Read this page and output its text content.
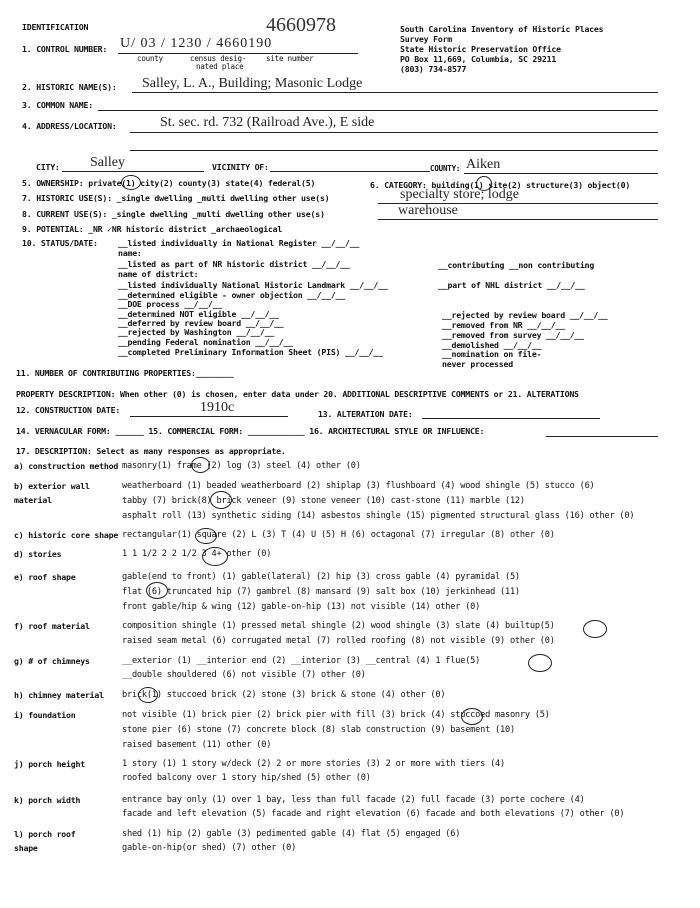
4660978
IDENTIFICATION	South Carolina Inventory of Historic Places
Survey Form
State Historic Preservation Office
PO Box 11,669, Columbia, SC 29211
(803) 734-8577
1. CONTROL NUMBER: U/ 03 / 1230 / 4660190
county	census desig-	site number
nated place
2. HISTORIC NAME(S): Salley, L. A., Building; Masonic Lodge
3. COMMON NAME:
4. ADDRESS/LOCATION:	St. sec. rd. 732 (Railroad Ave.), E side
CITY: Salley	VICINITY OF:	COUNTY: Aiken
5. OWNERSHIP: private(1) city(2) county(3) state(4) federal(5)	6. CATEGORY: building(1) site(2) structure(3) object(0)
7. HISTORIC USE(S): _single dwelling _multi dwelling other use(s)	specialty store; lodge
8. CURRENT USE(S): _single dwelling _multi dwelling other use(s)	warehouse
9. POTENTIAL: _NR ✓NR historic district _archaeological
10. STATUS/DATE: __listed individually in National Register __/__/__
name:
__listed as part of NR historic district __/__/__
name of district:
__listed individually National Historic Landmark __/__/__
__determined eligible - owner objection __/__/__
__DOE process __/__/__
__determined NOT eligible __/__/__
__deferred by review board __/__/__
__rejected by Washington __/__/__
__pending Federal nomination __/__/__
__completed Preliminary Information Sheet (PIS) __/__/__
__contributing __non contributing
__part of NHL district __/__/__
__rejected by review board __/__/__
__removed from NR __/__/__
__removed from survey __/__/__
__demolished __/__/__
__nomination on file-
never processed
11. NUMBER OF CONTRIBUTING PROPERTIES:________
PROPERTY DESCRIPTION: When other (0) is chosen, enter data under 20. ADDITIONAL DESCRIPTIVE COMMENTS or 21. ALTERATIONS
12. CONSTRUCTION DATE:	1910c	13. ALTERATION DATE:
14. VERNACULAR FORM: ______ 15. COMMERCIAL FORM: ____________ 16. ARCHITECTURAL STYLE OR INFLUENCE:
17. DESCRIPTION: Select as many responses as appropriate.
a) construction method masonry(1) frame (2) log (3) steel (4) other (0)
b) exterior wall
material
weatherboard (1) beaded weatherboard (2) shiplap (3) flushboard (4) wood shingle (5) stucco (6)
tabby (7) brick(8) brick veneer (9) stone veneer (10) cast-stone (11) marble (12)
asphalt roll (13) synthetic siding (14) asbestos shingle (15) pigmented structural glass (16) other (0)
c) historic core shape rectangular(1) square (2) L (3) T (4) U (5) H (6) octagonal (7) irregular (8) other (0)
d) stories	1 1 1/2 2 2 1/2 3 4+ other (0)
e) roof shape	gable(end to front) (1) gable(lateral) (2) hip (3) cross gable (4) pyramidal (5)
flat (6) truncated hip (7) gambrel (8) mansard (9) salt box (10) jerkinhead (11)
front gable/hip & wing (12) gable-on-hip (13) not visible (14) other (0)
f) roof material	composition shingle (1) pressed metal shingle (2) wood shingle (3) slate (4) builtup(5)
raised seam metal (6) corrugated metal (7) rolled roofing (8) not visible (9) other (0)
g) # of chimneys	__exterior (1) __interior end (2) __interior (3) __central (4) 1 flue(5)
__double shouldered (6) not visible (7) other (0)
h) chimney material brick(1) stuccoed brick (2) stone (3) brick & stone (4) other (0)
i) foundation	not visible (1) brick pier (2) brick pier with fill (3) brick (4) stuccoed masonry (5)
stone pier (6) stone (7) concrete block (8) slab construction (9) basement (10)
raised basement (11) other (0)
j) porch height	1 story (1) 1 story w/deck (2) 2 or more stories (3) 2 or more with tiers (4)
roofed balcony over 1 story hip/shed (5) other (0)
k) porch width	entrance bay only (1) over 1 bay, less than full facade (2) full facade (3) porte cochere (4)
facade and left elevation (5) facade and right elevation (6) facade and both elevations (7) other (0)
l) porch roof
shape
shed (1) hip (2) gable (3) pedimented gable (4) flat (5) engaged (6)
gable-on-hip(or shed) (7) other (0)
